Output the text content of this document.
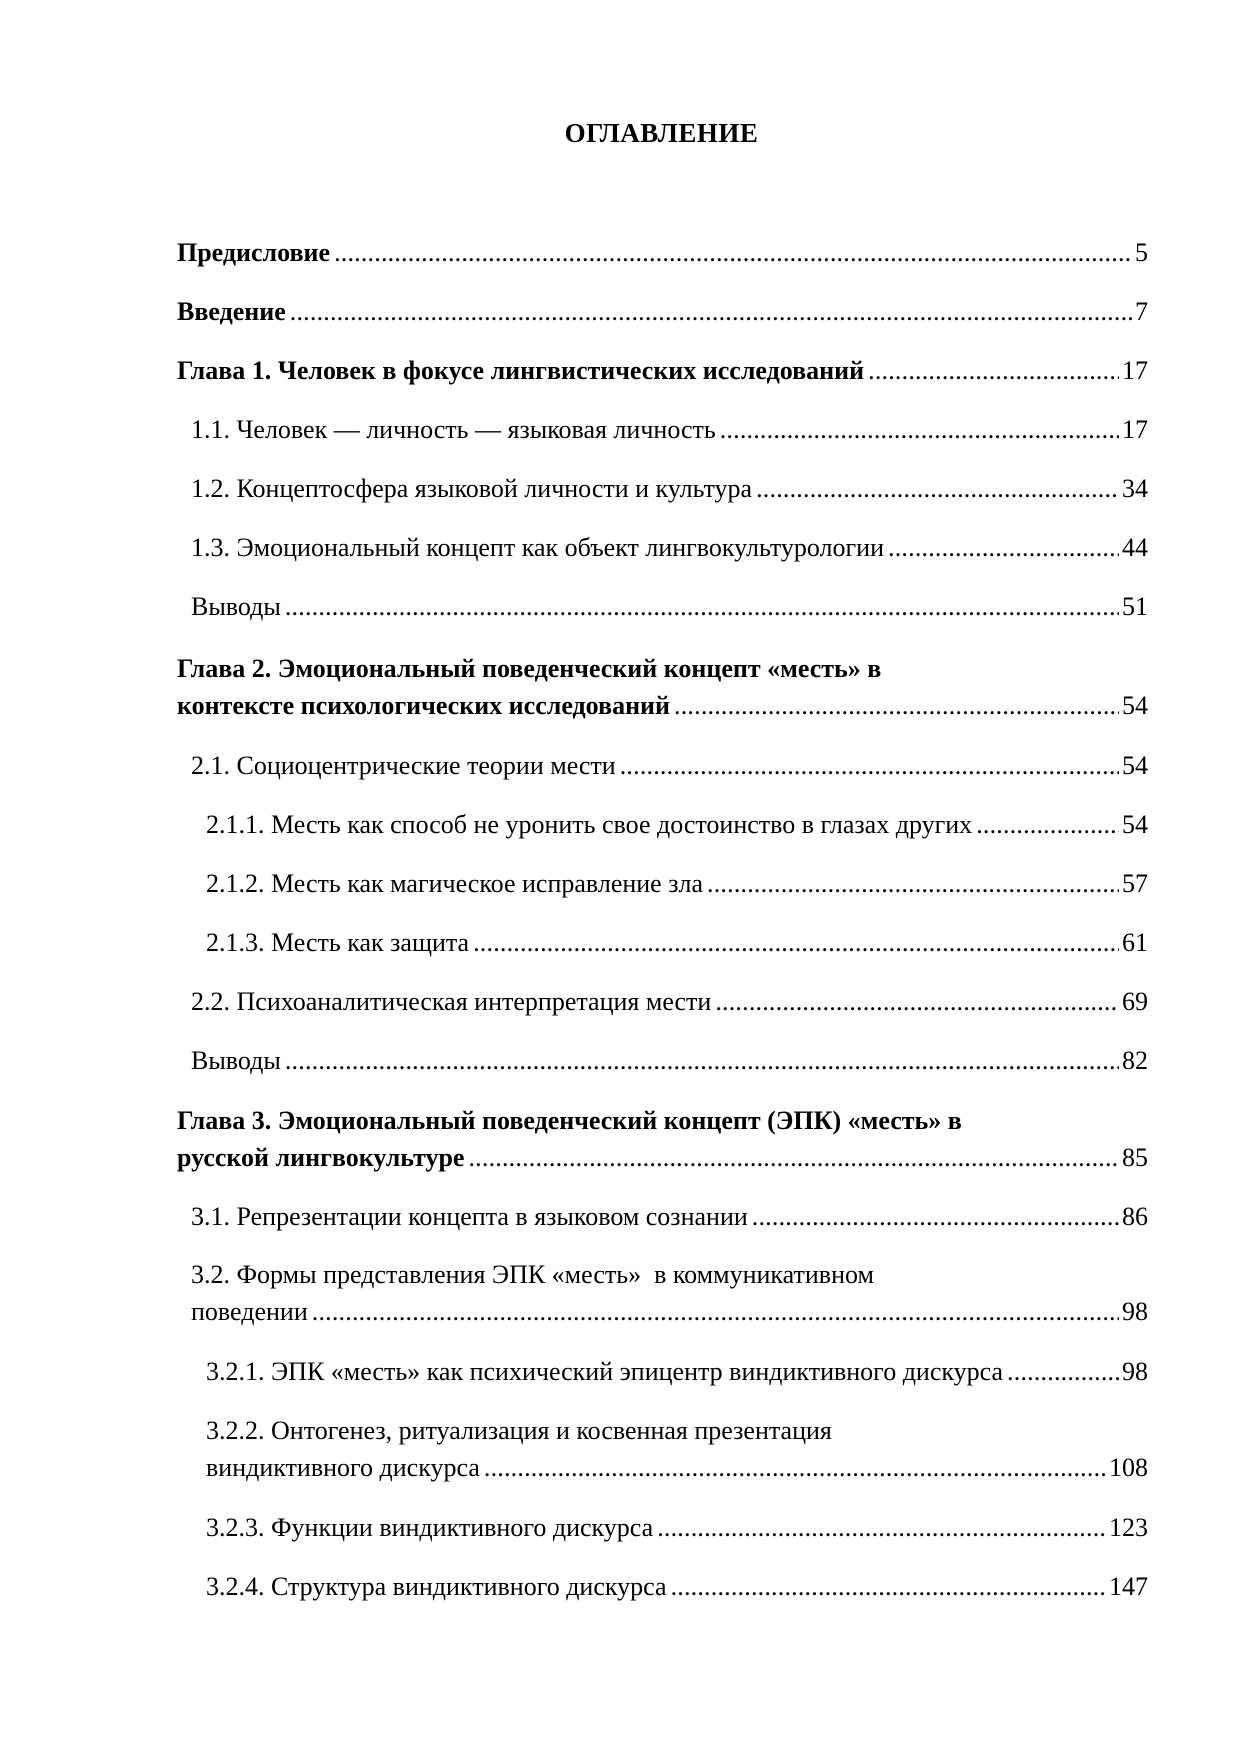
ОГЛАВЛЕНИЕ
Предисловие .....	5
Введение .....	7
Глава 1. Человек в фокусе лингвистических исследований .....	17
1.1. Человек — личность — языковая личность .....	17
1.2. Концептосфера языковой личности и культура .....	34
1.3. Эмоциональный концепт как объект лингвокультурологии .....	44
Выводы .....	51
Глава 2. Эмоциональный поведенческий концепт «месть» в
контексте психологических исследований .....	54
2.1. Социоцентрические теории мести .....	54
2.1.1. Месть как способ не уронить свое достоинство в глазах других .....	54
2.1.2. Месть как магическое исправление зла .....	57
2.1.3. Месть как защита .....	61
2.2. Психоаналитическая интерпретация мести .....	69
Выводы .....	82
Глава 3. Эмоциональный поведенческий концепт (ЭПК) «месть» в
русской лингвокультуре .....	85
3.1. Репрезентации концепта в языковом сознании .....	86
3.2. Формы представления ЭПК «месть»  в коммуникативном
поведении .....	98
3.2.1. ЭПК «месть» как психический эпицентр виндиктивного дискурса .....	98
3.2.2. Онтогенез, ритуализация и косвенная презентация
виндиктивного дискурса .....	108
3.2.3. Функции виндиктивного дискурса .....	123
3.2.4. Структура виндиктивного дискурса .....	147
